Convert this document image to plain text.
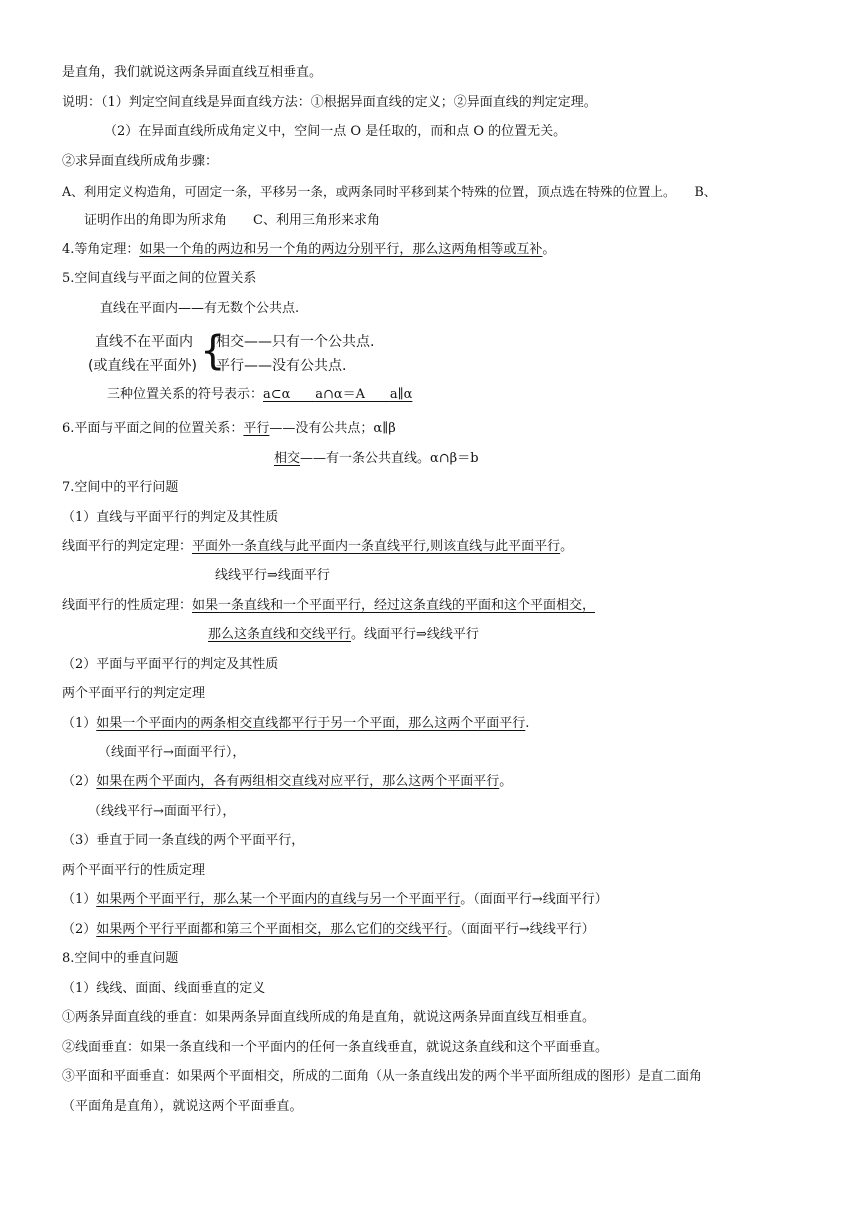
是直角，我们就说这两条异面直线互相垂直。
说明：（1）判定空间直线是异面直线方法：①根据异面直线的定义；②异面直线的判定定理。
（2）在异面直线所成角定义中，空间一点 O 是任取的，而和点 O 的位置无关。
②求异面直线所成角步骤：
A、利用定义构造角，可固定一条，平移另一条，或两条同时平移到某个特殊的位置，顶点选在特殊的位置上。　　B、
证明作出的角即为所求角　　C、利用三角形来求角
4.等角定理：如果一个角的两边和另一个角的两边分别平行，那么这两角相等或互补。
5.空间直线与平面之间的位置关系
直线在平面内——有无数个公共点.
直线不在平面内
(或直线在平面外) {
相交——只有一个公共点.
平行——没有公共点.
三种位置关系的符号表示：a⊂α a∩α＝A a∥α
6.平面与平面之间的位置关系：平行——没有公共点；α∥β
相交——有一条公共直线。α∩β＝b
7.空间中的平行问题
（1）直线与平面平行的判定及其性质
线面平行的判定定理：平面外一条直线与此平面内一条直线平行,则该直线与此平面平行。
线线平行⇒线面平行
线面平行的性质定理：如果一条直线和一个平面平行，经过这条直线的平面和这个平面相交，
那么这条直线和交线平行。线面平行⇒线线平行
（2）平面与平面平行的判定及其性质
两个平面平行的判定定理
（1）如果一个平面内的两条相交直线都平行于另一个平面，那么这两个平面平行.
（线面平行→面面平行），
（2）如果在两个平面内，各有两组相交直线对应平行，那么这两个平面平行。
（线线平行→面面平行），
（3）垂直于同一条直线的两个平面平行，
两个平面平行的性质定理
（1）如果两个平面平行，那么某一个平面内的直线与另一个平面平行。（面面平行→线面平行）
（2）如果两个平行平面都和第三个平面相交，那么它们的交线平行。（面面平行→线线平行）
8.空间中的垂直问题
（1）线线、面面、线面垂直的定义
①两条异面直线的垂直：如果两条异面直线所成的角是直角，就说这两条异面直线互相垂直。
②线面垂直：如果一条直线和一个平面内的任何一条直线垂直，就说这条直线和这个平面垂直。
③平面和平面垂直：如果两个平面相交，所成的二面角（从一条直线出发的两个半平面所组成的图形）是直二面角
（平面角是直角），就说这两个平面垂直。
